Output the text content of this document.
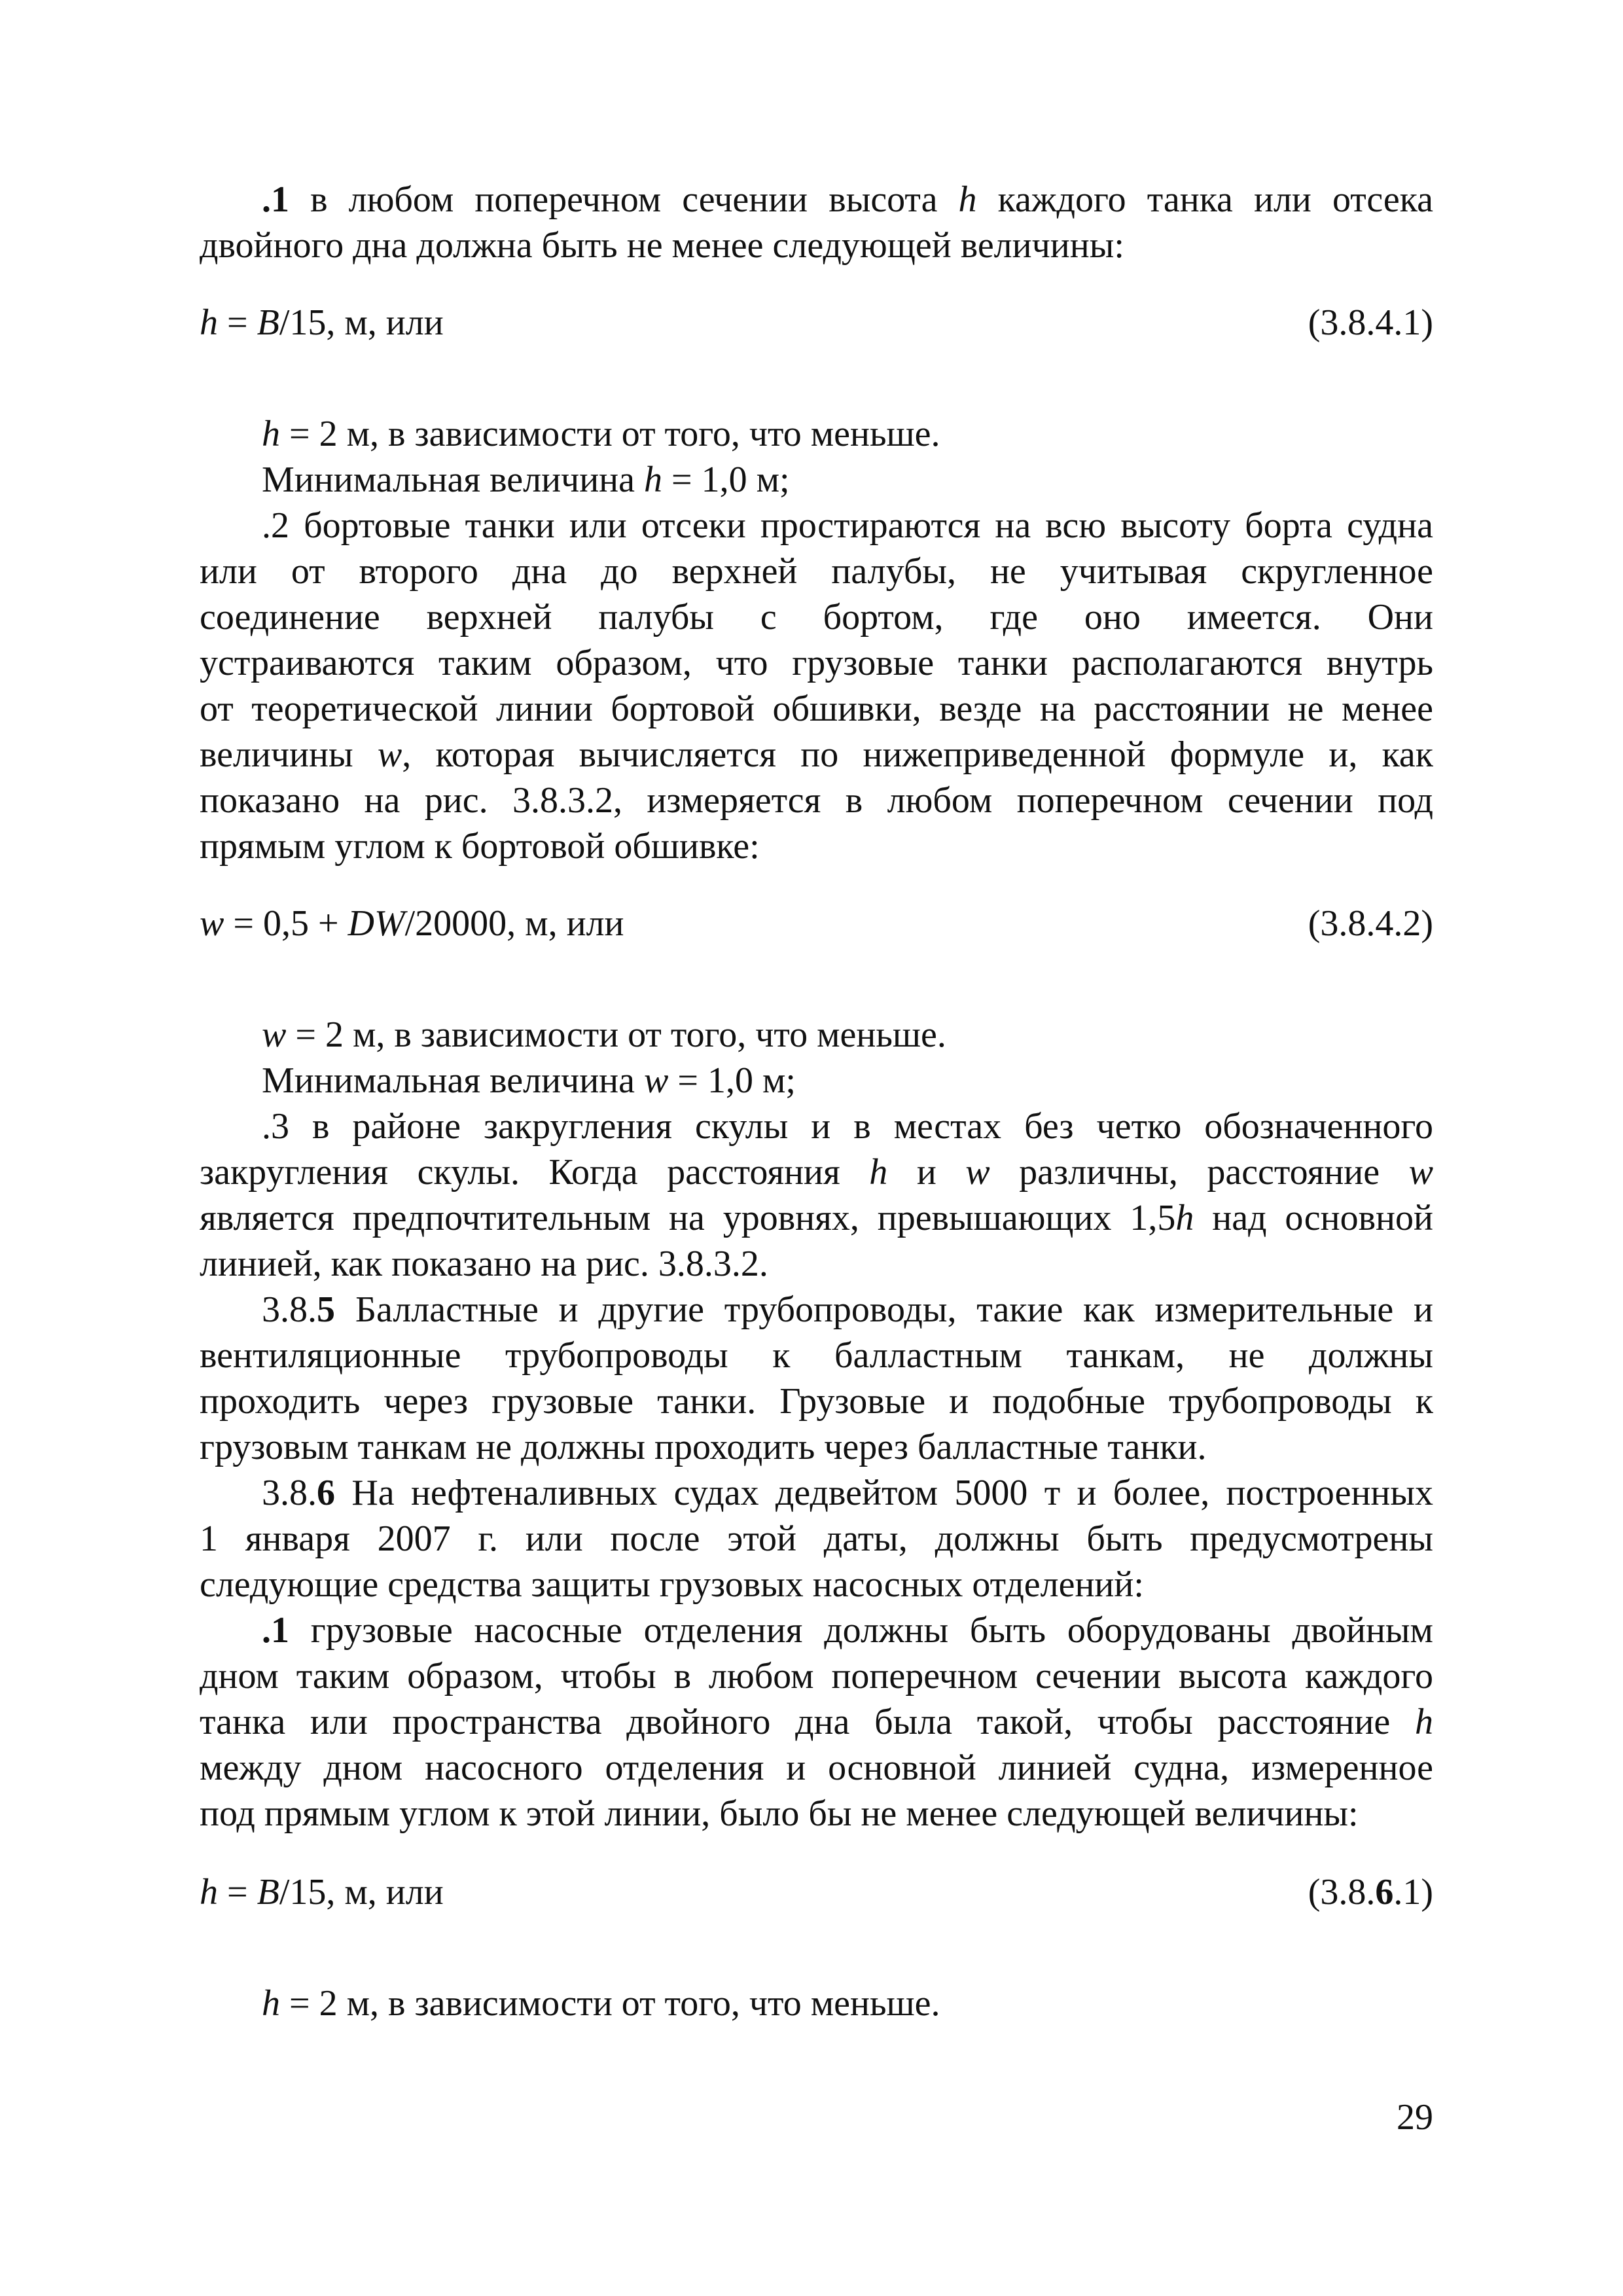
.1 в любом поперечном сечении высота h каждого танка или отсека
двойного дна должна быть не менее следующей величины:
h = B/15, м, или	(3.8.4.1)
h = 2 м, в зависимости от того, что меньше.
Минимальная величина h = 1,0 м;
.2 бортовые танки или отсеки простираются на всю высоту борта судна
или от второго дна до верхней палубы, не учитывая скругленное
соединение верхней палубы с бортом, где оно имеется. Они
устраиваются таким образом, что грузовые танки располагаются внутрь
от теоретической линии бортовой обшивки, везде на расстоянии не менее
величины w, которая вычисляется по нижеприведенной формуле и, как
показано на рис. 3.8.3.2, измеряется в любом поперечном сечении под
прямым углом к бортовой обшивке:
w = 0,5 + DW/20000, м, или	(3.8.4.2)
w = 2 м, в зависимости от того, что меньше.
Минимальная величина w = 1,0 м;
.3 в районе закругления скулы и в местах без четко обозначенного
закругления скулы. Когда расстояния h и w различны, расстояние w
является предпочтительным на уровнях, превышающих 1,5h над основной
линией, как показано на рис. 3.8.3.2.
3.8.5 Балластные и другие трубопроводы, такие как измерительные и
вентиляционные трубопроводы к балластным танкам, не должны
проходить через грузовые танки. Грузовые и подобные трубопроводы к
грузовым танкам не должны проходить через балластные танки.
3.8.6 На нефтеналивных судах дедвейтом 5000 т и более, построенных
1 января 2007 г. или после этой даты, должны быть предусмотрены
следующие средства защиты грузовых насосных отделений:
.1 грузовые насосные отделения должны быть оборудованы двойным
дном таким образом, чтобы в любом поперечном сечении высота каждого
танка или пространства двойного дна была такой, чтобы расстояние h
между дном насосного отделения и основной линией судна, измеренное
под прямым углом к этой линии, было бы не менее следующей величины:
h = B/15, м, или	(3.8.6.1)
h = 2 м, в зависимости от того, что меньше.
29
